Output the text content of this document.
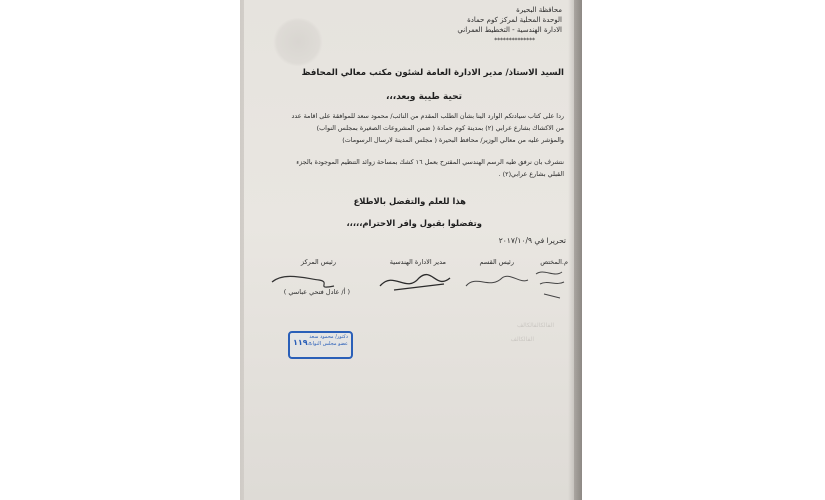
محافظة البحيرة
الوحدة المحلية لمركز كوم حمادة
الادارة الهندسية - التخطيط العمراني
* * * * * * * * * * * * * *
السيد الاستاذ/ مدير الادارة العامة لشئون مكتب معالي المحافظ
تحية طيبة وبعد،،،
ردا على كتاب سيادتكم الوارد الينا بشأن الطلب المقدم من النائب/ محمود سعد للموافقة على اقامة عدد
من الاكشاك بشارع عرابي (٢) بمدينة كوم حمادة ( ضمن المشروعات الصغيرة بمجلس النواب)
والمؤشر عليه من معالي الوزير/ محافظ البحيرة ( مجلس المدينة لارسال الرسومات)
نتشرف بان نرفق طيه الرسم الهندسي المقترح بعمل ١٦ كشك بمساحة زوائد التنظيم الموجودة بالجزء
القبلي بشارع عرابي(٢) .
هذا للعلم والتفضل بالاطلاع
وتفضلوا بقبول وافر الاحترام،،،،،
تحريرا في ٢٠١٧/١٠/٩
م.المختص
رئيس القسم
مدير الادارة الهندسية
رئيس المركز
( أ/ عادل فتحي عباسي )
دكتور/ محمود سعد
عضو مجلس النواب
١١٩٠
الفالكالفالكالف
الفالكالف
